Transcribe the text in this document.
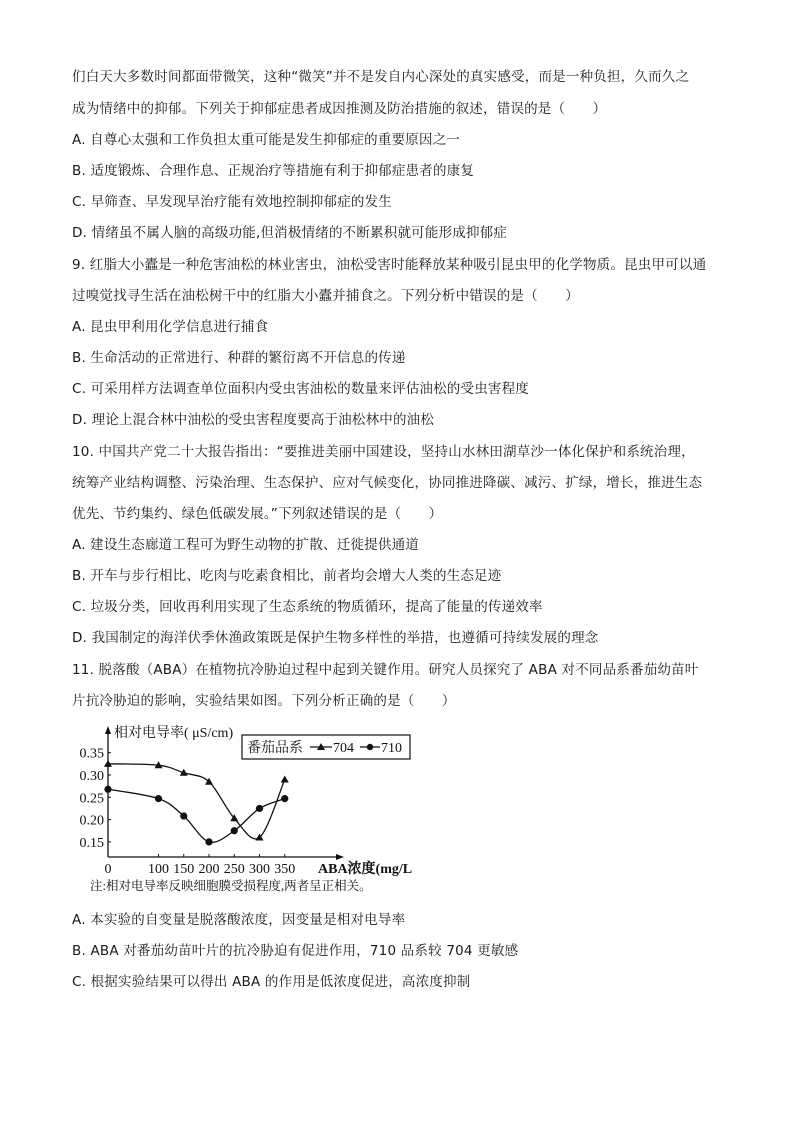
们白天大多数时间都面带微笑，这种“微笑”并不是发自内心深处的真实感受，而是一种负担，久而久之
成为情绪中的抑郁。下列关于抑郁症患者成因推测及防治措施的叙述，错误的是（　　）
A. 自尊心太强和工作负担太重可能是发生抑郁症的重要原因之一
B. 适度锻炼、合理作息、正规治疗等措施有利于抑郁症患者的康复
C. 早筛查、早发现早治疗能有效地控制抑郁症的发生
D. 情绪虽不属人脑的高级功能,但消极情绪的不断累积就可能形成抑郁症
9. 红脂大小蠹是一种危害油松的林业害虫，油松受害时能释放某种吸引昆虫甲的化学物质。昆虫甲可以通
过嗅觉找寻生活在油松树干中的红脂大小蠹并捕食之。下列分析中错误的是（　　）
A. 昆虫甲利用化学信息进行捕食
B. 生命活动的正常进行、种群的繁衍离不开信息的传递
C. 可采用样方法调查单位面积内受虫害油松的数量来评估油松的受虫害程度
D. 理论上混合林中油松的受虫害程度要高于油松林中的油松
10. 中国共产党二十大报告指出：“要推进美丽中国建设，坚持山水林田湖草沙一体化保护和系统治理，
统筹产业结构调整、污染治理、生态保护、应对气候变化，协同推进降碳、减污、扩绿，增长，推进生态
优先、节约集约、绿色低碳发展。”下列叙述错误的是（　　）
A. 建设生态廊道工程可为野生动物的扩散、迁徙提供通道
B. 开车与步行相比、吃肉与吃素食相比，前者均会增大人类的生态足迹
C. 垃圾分类，回收再利用实现了生态系统的物质循环，提高了能量的传递效率
D. 我国制定的海洋伏季休渔政策既是保护生物多样性的举措，也遵循可持续发展的理念
11. 脱落酸（ABA）在植物抗冷胁迫过程中起到关键作用。研究人员探究了 ABA 对不同品系番茄幼苗叶
片抗冷胁迫的影响，实验结果如图。下列分析正确的是（　　）
0.15
0.20
0.25
0.30
0.35
0	100 150 200 250 300 350
相对电导率( μS/cm)
ABA浓度(mg/L
番茄品系 704 710
注:相对电导率反映细胞膜受损程度,两者呈正相关。
A. 本实验的自变量是脱落酸浓度，因变量是相对电导率
B. ABA 对番茄幼苗叶片的抗冷胁迫有促进作用，710 品系较 704 更敏感
C. 根据实验结果可以得出 ABA 的作用是低浓度促进，高浓度抑制
